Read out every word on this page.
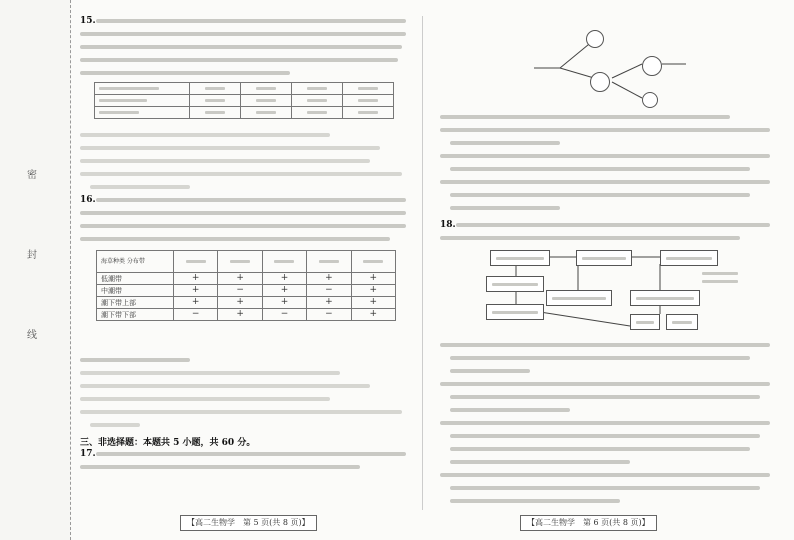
密
封
线
15.

16.
海草种类 分布带					
低潮带	+	+	+	+	+
中潮带	+	−	+	−	+
潮下带上部	+	+	+	+	+
潮下带下部	−	+	−	−	+
三、非选择题：本题共 5 小题，共 60 分。
17.
18.
【高二生物学　第 5 页(共 8 页)】	【高二生物学　第 6 页(共 8 页)】
